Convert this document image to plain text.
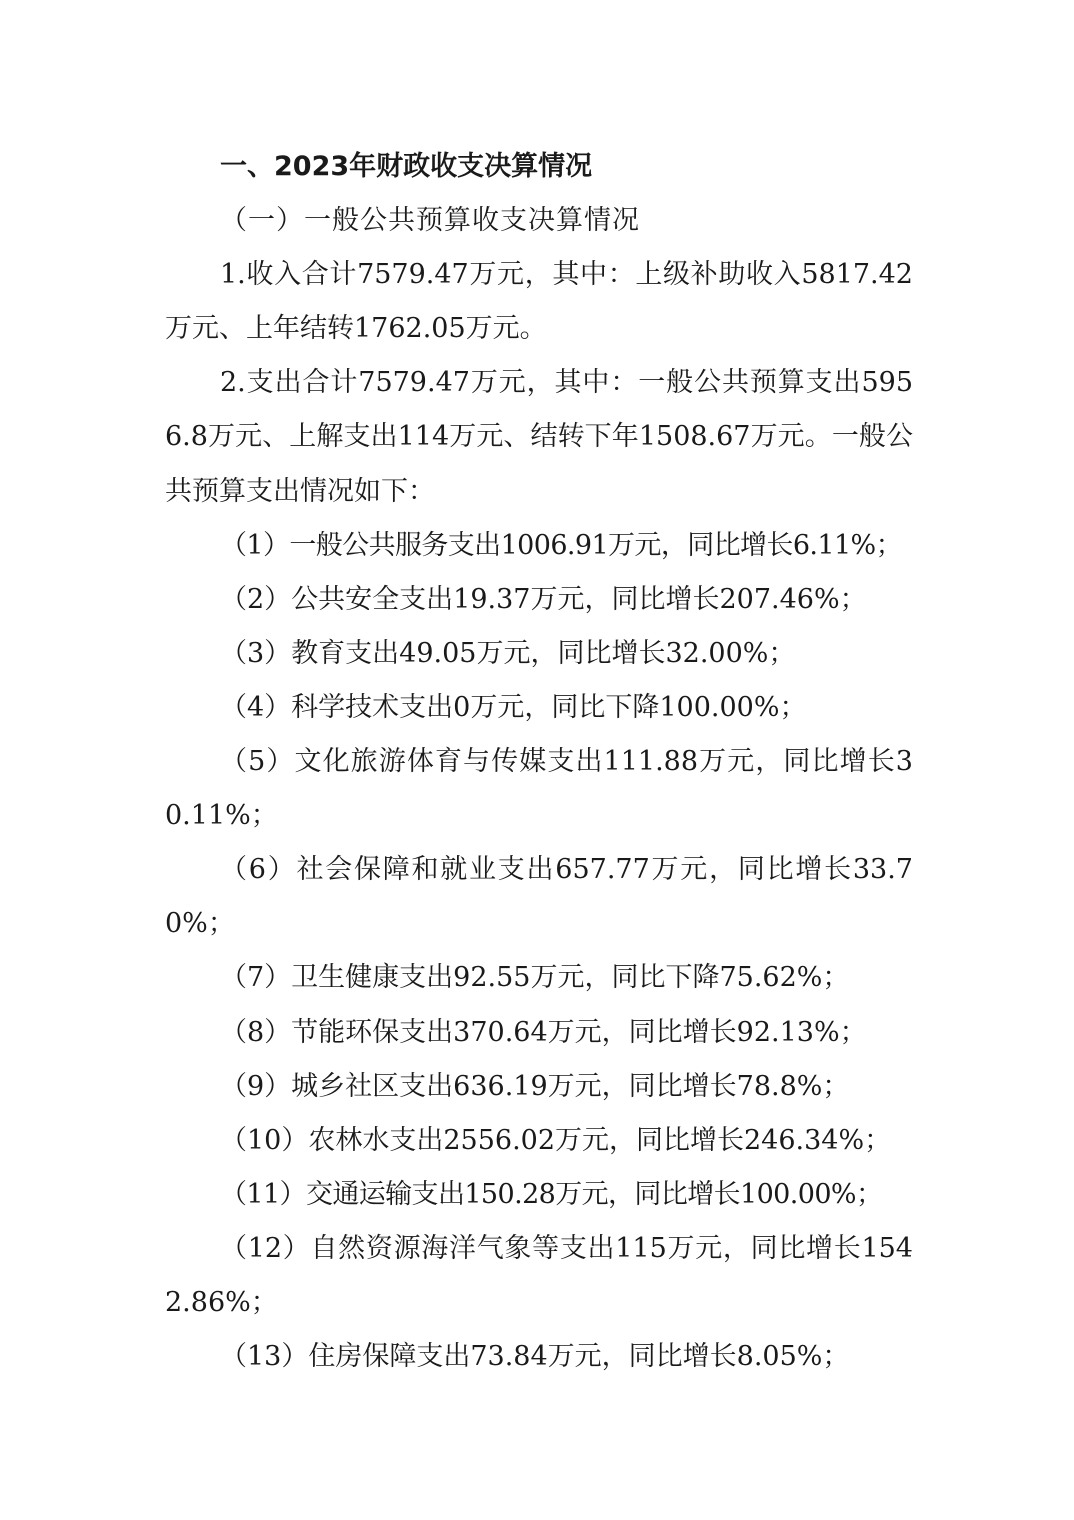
一、2023年财政收支决算情况

（一）一般公共预算收支决算情况

1.收入合计7579.47万元，其中：上级补助收入5817.42万元、上年结转1762.05万元。

2.支出合计7579.47万元，其中：一般公共预算支出5956.8万元、上解支出114万元、结转下年1508.67万元。一般公共预算支出情况如下：

（1）一般公共服务支出1006.91万元，同比增长6.11%；

（2）公共安全支出19.37万元，同比增长207.46%；

（3）教育支出49.05万元，同比增长32.00%；

（4）科学技术支出0万元，同比下降100.00%；

（5）文化旅游体育与传媒支出111.88万元，同比增长30.11%；

（6）社会保障和就业支出657.77万元，同比增长33.70%；

（7）卫生健康支出92.55万元，同比下降75.62%；

（8）节能环保支出370.64万元，同比增长92.13%；

（9）城乡社区支出636.19万元，同比增长78.8%；

（10）农林水支出2556.02万元，同比增长246.34%；

（11）交通运输支出150.28万元，同比增长100.00%；

（12）自然资源海洋气象等支出115万元，同比增长1542.86%；

（13）住房保障支出73.84万元，同比增长8.05%；
